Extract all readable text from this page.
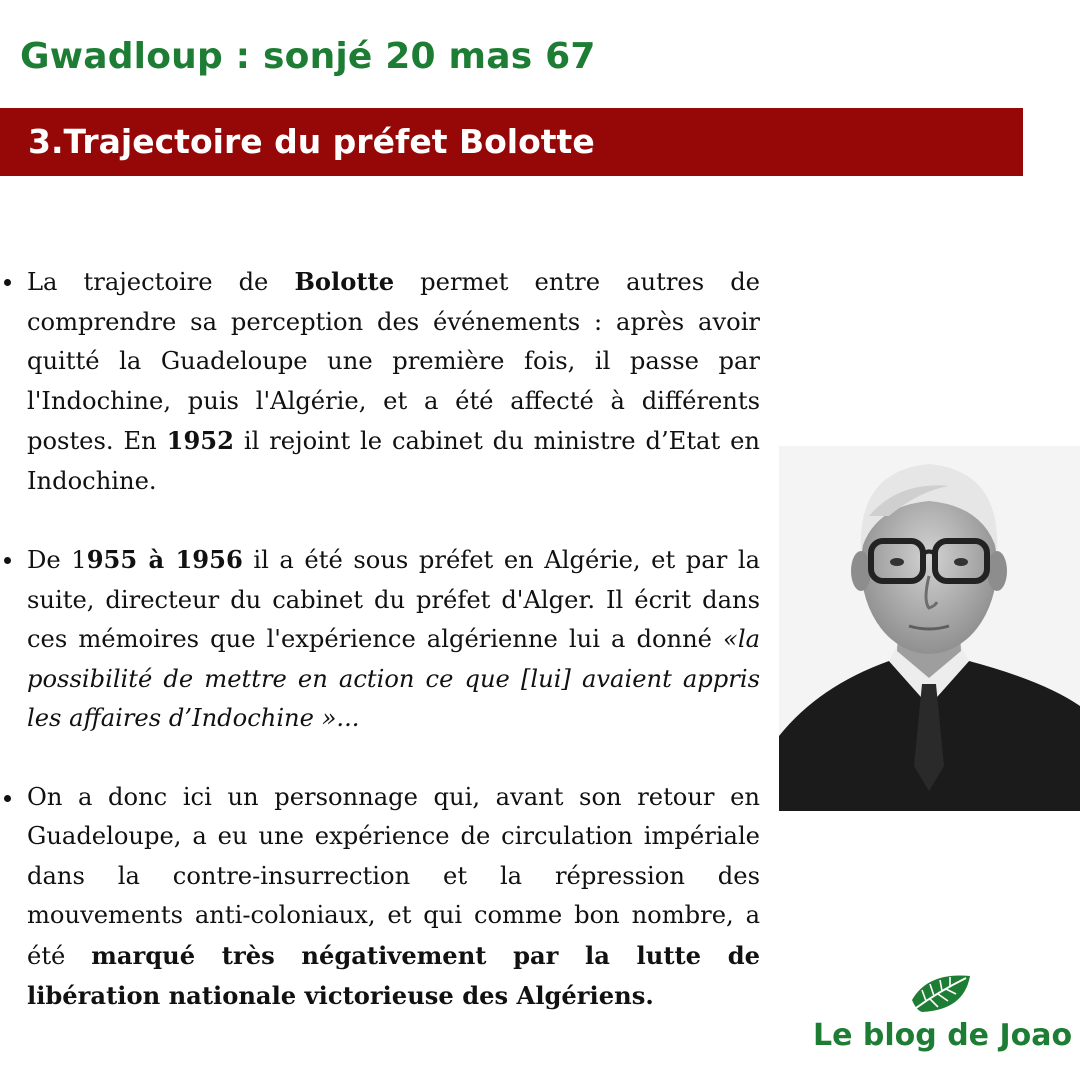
Gwadloup : sonjé 20 mas 67
3.Trajectoire du préfet Bolotte
La trajectoire de Bolotte permet entre autres de comprendre sa perception des événements : après avoir quitté la Guadeloupe une première fois, il passe par l'Indochine, puis l'Algérie, et a été affecté à différents postes. En 1952 il rejoint le cabinet du ministre d’Etat en Indochine.
De 1955 à 1956 il a été sous préfet en Algérie, et par la suite, directeur du cabinet du préfet d'Alger. Il écrit dans ces mémoires que l'expérience algérienne lui a donné «la possibilité de mettre en action ce que [lui] avaient appris les affaires d’Indochine »...
On a donc ici un personnage qui, avant son retour en Guadeloupe, a eu une expérience de circulation impériale dans la contre-insurrection et la répression des mouvements anti-coloniaux, et qui comme bon nombre, a été marqué très négativement par la lutte de libération nationale victorieuse des Algériens.
Le blog de Joao
